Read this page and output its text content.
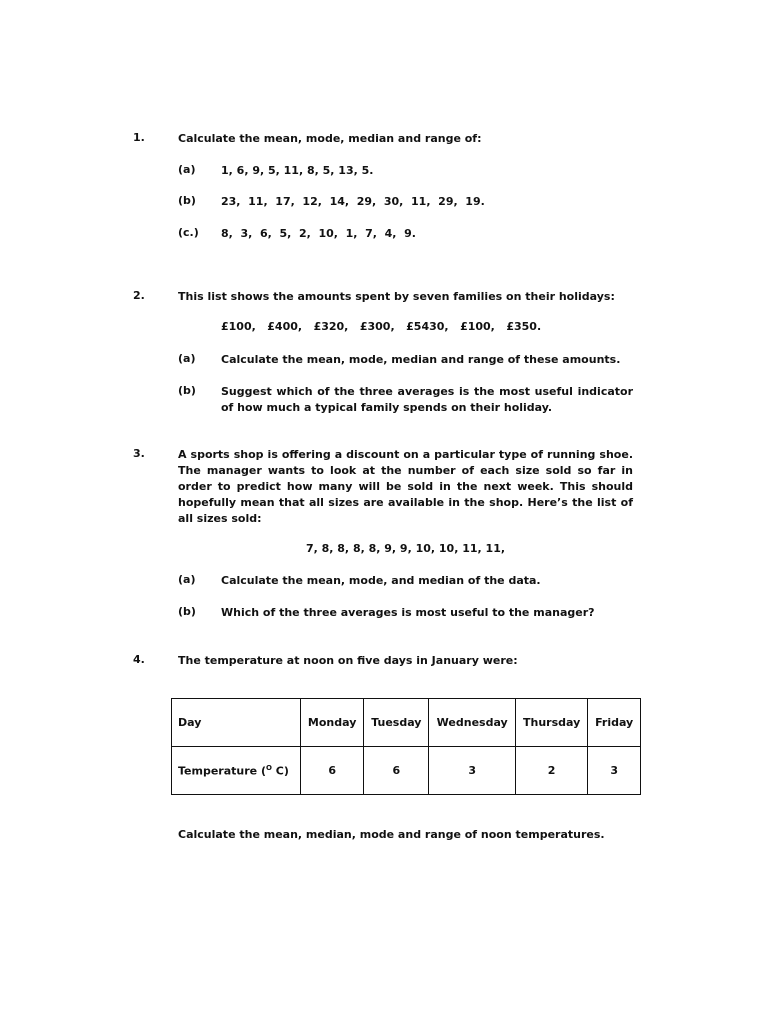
1.	Calculate the mean, mode, median and range of:
(a) 1, 6, 9, 5, 11, 8, 5, 13, 5.
(b) 23,  11,  17,  12,  14,  29,  30,  11,  29,  19.
(c.) 8,  3,  6,  5,  2,  10,  1,  7,  4,  9.
2.	This list shows the amounts spent by seven families on their holidays:
£100,   £400,   £320,   £300,   £5430,   £100,   £350.
(a) Calculate the mean, mode, median and range of these amounts.
(b) Suggest which of the three averages is the most useful indicator of how much a typical family spends on their holiday.
3.	A sports shop is offering a discount on a particular type of running shoe. The manager wants to look at the number of each size sold so far in order to predict how many will be sold in the next week. This should hopefully mean that all sizes are available in the shop. Here’s the list of all sizes sold:
7, 8, 8, 8, 8, 9, 9, 10, 10, 11, 11,
(a) Calculate the mean, mode, and median of the data.
(b) Which of the three averages is most useful to the manager?
4.	The temperature at noon on five days in January were:
Day	Monday	Tuesday	Wednesday	Thursday	Friday
Temperature ($^O$ C)	6	6	3	2	3
Calculate the mean, median, mode and range of noon temperatures.
